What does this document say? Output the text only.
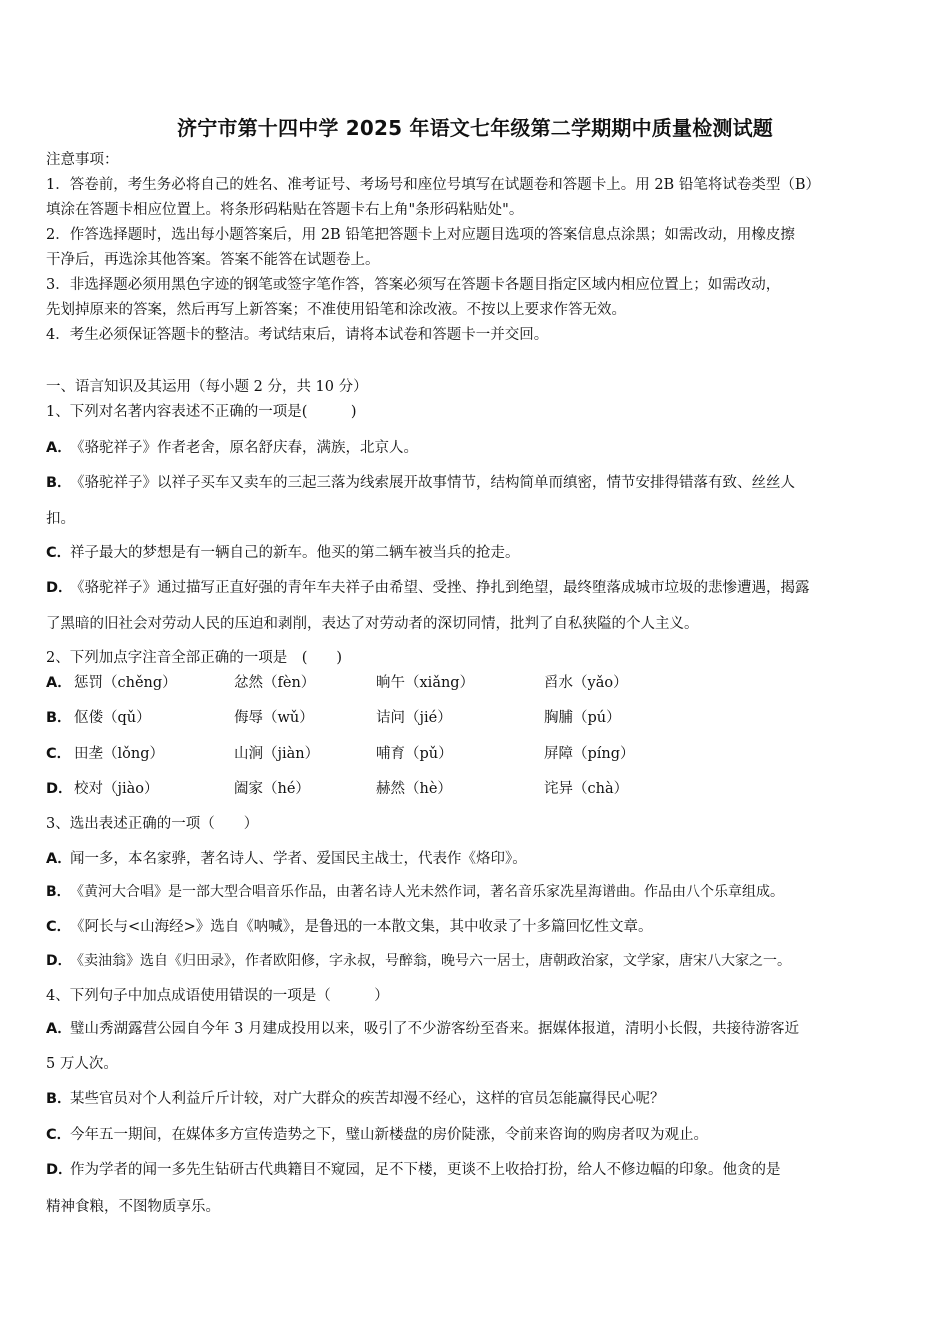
济宁市第十四中学 2025 年语文七年级第二学期期中质量检测试题
注意事项：
1．答卷前，考生务必将自己的姓名、准考证号、考场号和座位号填写在试题卷和答题卡上。用 2B 铅笔将试卷类型（B）
填涂在答题卡相应位置上。将条形码粘贴在答题卡右上角"条形码粘贴处"。
2．作答选择题时，选出每小题答案后，用 2B 铅笔把答题卡上对应题目选项的答案信息点涂黑；如需改动，用橡皮擦
干净后，再选涂其他答案。答案不能答在试题卷上。
3．非选择题必须用黑色字迹的钢笔或签字笔作答，答案必须写在答题卡各题目指定区域内相应位置上；如需改动，
先划掉原来的答案，然后再写上新答案；不准使用铅笔和涂改液。不按以上要求作答无效。
4．考生必须保证答题卡的整洁。考试结束后，请将本试卷和答题卡一并交回。
一、语言知识及其运用（每小题 2 分，共 10 分）
1、下列对名著内容表述不正确的一项是(　　　)
A．《骆驼祥子》作者老舍，原名舒庆春，满族，北京人。
B．《骆驼祥子》以祥子买车又卖车的三起三落为线索展开故事情节，结构简单而缜密，情节安排得错落有致、丝丝人
扣。
C．祥子最大的梦想是有一辆自己的新车。他买的第二辆车被当兵的抢走。
D．《骆驼祥子》通过描写正直好强的青年车夫祥子由希望、受挫、挣扎到绝望，最终堕落成城市垃圾的悲惨遭遇，揭露
了黑暗的旧社会对劳动人民的压迫和剥削，表达了对劳动者的深切同情，批判了自私狭隘的个人主义。
2、下列加点字注音全部正确的一项是　(　　)
A． 惩罚（chěng）	忿然（fèn）	晌午（xiǎng）	舀水（yǎo）
B． 伛偻（qǔ）	侮辱（wǔ）	诘问（jié）	胸脯（pú）
C． 田垄（lǒng）	山涧（jiàn）	哺育（pǔ）	屏障（píng）
D． 校对（jiào）	阖家（hé）	赫然（hè）	诧异（chà）
3、选出表述正确的一项（　　）
A．闻一多，本名家骅，著名诗人、学者、爱国民主战士，代表作《烙印》。
B．《黄河大合唱》是一部大型合唱音乐作品，由著名诗人光未然作词，著名音乐家冼星海谱曲。作品由八个乐章组成。
C．《阿长与<山海经>》选自《呐喊》，是鲁迅的一本散文集，其中收录了十多篇回忆性文章。
D．《卖油翁》选自《归田录》，作者欧阳修，字永叔，号醉翁，晚号六一居士，唐朝政治家，文学家，唐宋八大家之一。
4、下列句子中加点成语使用错误的一项是（　　　）
A．璧山秀湖露营公园自今年 3 月建成投用以来，吸引了不少游客纷至沓来。据媒体报道，清明小长假，共接待游客近
5 万人次。
B．某些官员对个人利益斤斤计较，对广大群众的疾苦却漫不经心，这样的官员怎能赢得民心呢？
C．今年五一期间，在媒体多方宣传造势之下，璧山新楼盘的房价陡涨，令前来咨询的购房者叹为观止。
D．作为学者的闻一多先生钻研古代典籍目不窥园，足不下楼，更谈不上收拾打扮，给人不修边幅的印象。他贪的是
精神食粮，不图物质享乐。
